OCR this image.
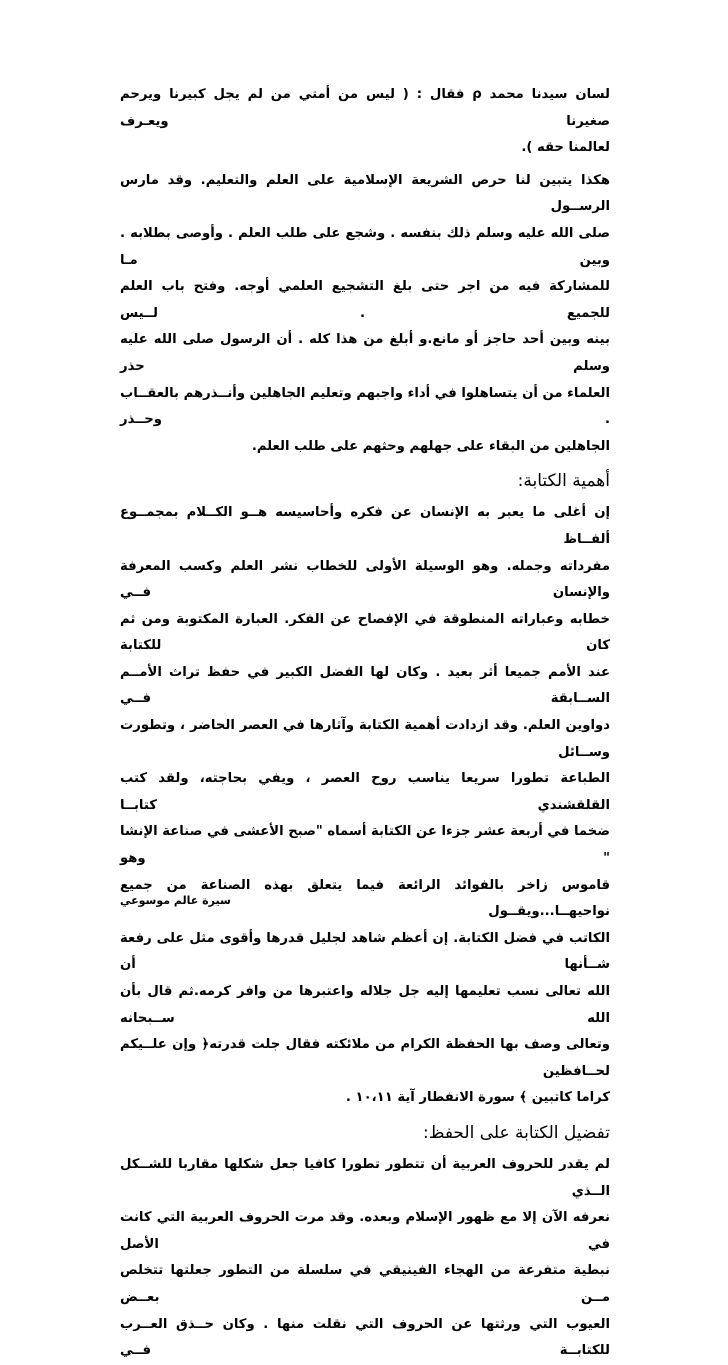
لسان سيدنا محمد ρ فقال : ( ليس من أمتي من لم يجل كبيرنا ويرحم صغيرنا ويعـرف
لعالمنا حقه ).

هكذا يتبين لنا حرص الشريعة الإسلامية على العلم والتعليم. وقد مارس الرســول
صلى الله عليه وسلم ذلك بنفسه . وشجع على طلب العلم . وأوصى بطلابه . وبين مـا
للمشاركة فيه من اجر حتى بلغ التشجيع العلمي أوجه. وفتح باب العلم للجميع . لــيس
بينه وبين أحد حاجز أو مانع.و أبلغ من هذا كله . أن الرسول صلى الله عليه وسلم حذر
العلماء من أن يتساهلوا في أداء واجبهم وتعليم الجاهلين وأنــذرهم بالعقــاب . وحــذر
الجاهلين من البقاء على جهلهم وحثهم على طلب العلم.

أهمية الكتابة:

إن أغلى ما يعبر به الإنسان عن فكره وأحاسيسه هــو الكــلام بمجمــوع ألفــاظ
مفرداته وجمله. وهو الوسيلة الأولى للخطاب نشر العلم وكسب المعرفة والإنسان فــي
خطابه وعباراته المنطوقة في الإفصاح عن الفكر. العبارة المكتوبة ومن ثم كان للكتابة
عند الأمم جميعا أثر بعيد . وكان لها الفضل الكبير في حفظ تراث الأمــم الســابقة فــي
دواوين العلم. وقد ازدادت أهمية الكتابة وآثارها في العصر الحاضر ، وتطورت وســائل
الطباعة تطورا سريعا يناسب روح العصر ، ويفي بحاجته، ولقد كتب القلقشندي كتابــا
ضخما في أربعة عشر جزءا عن الكتابة أسماه "صبح الأعشى في صناعة الإنشا " وهو
قاموس زاخر بالفوائد الرائعة فيما يتعلق بهذه الصناعة من جميع نواحيهــا...ويقــول
الكاتب في فضل الكتابة. إن أعظم شاهد لجليل قدرها وأقوى مثل على رفعة شــأنها أن
الله تعالى نسب تعليمها إليه جل جلاله واعتبرها من وافر كرمه.ثم قال بأن الله ســبحانه
وتعالى وصف بها الحفظة الكرام من ملائكته فقال جلت قدرته﴿ وإن علــيكم لحــافظين
كراما كاتبين ﴾ سورة الانفطار آية ١٠،١١ .

تفضيل الكتابة على الحفظ:

لم يقدر للحروف العربية أن تتطور تطورا كافيا جعل شكلها مقاربا للشــكل الــذي
نعرفه الآن إلا مع ظهور الإسلام وبعده. وقد مرت الحروف العربية التي كانت في الأصل
نبطية متفرعة من الهجاء الفينيقي في سلسلة من التطور جعلتها تتخلص مــن بعــض
العيوب التي ورثتها عن الحروف التي نقلت منها . وكان حــذق العــرب للكتابــة فــي

سيرة عالم موسوعي
